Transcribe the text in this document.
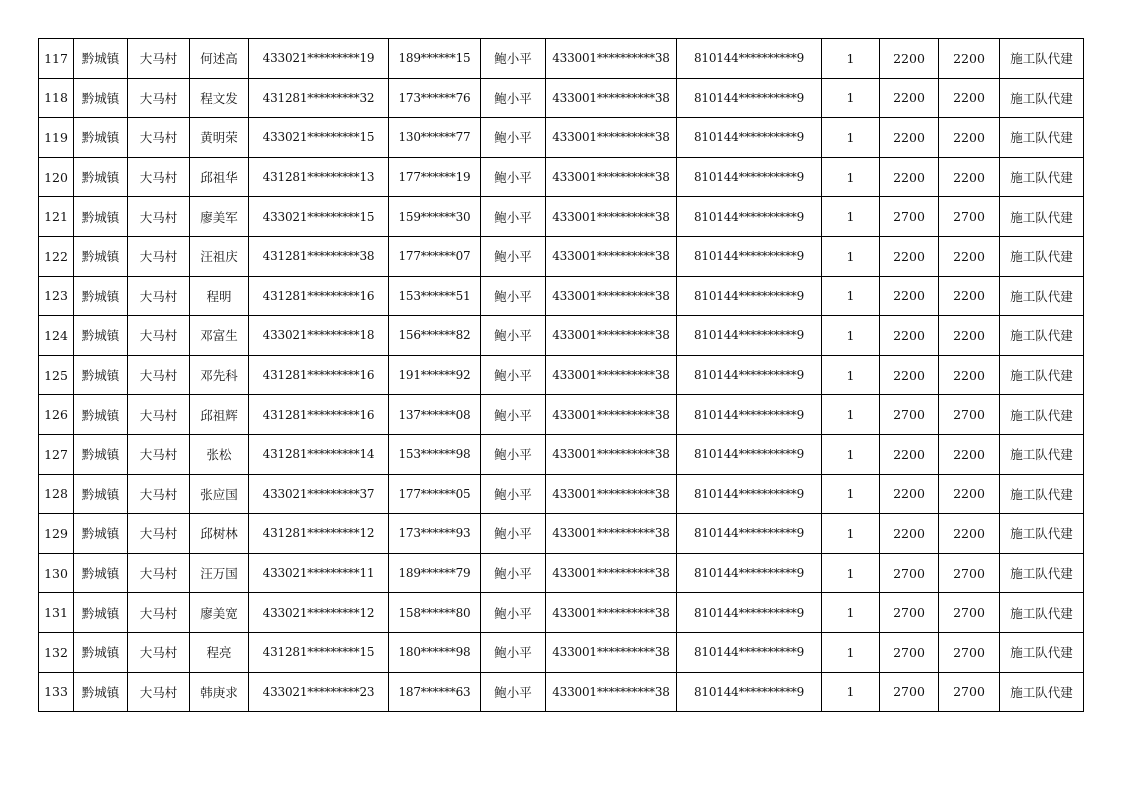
117	黔城镇	大马村	何述高	433021*********19	189******15	鲍小平	433001**********38	810144**********9	1	2200	2200	施工队代建
118	黔城镇	大马村	程文发	431281*********32	173******76	鲍小平	433001**********38	810144**********9	1	2200	2200	施工队代建
119	黔城镇	大马村	黄明荣	433021*********15	130******77	鲍小平	433001**********38	810144**********9	1	2200	2200	施工队代建
120	黔城镇	大马村	邱祖华	431281*********13	177******19	鲍小平	433001**********38	810144**********9	1	2200	2200	施工队代建
121	黔城镇	大马村	廖美军	433021*********15	159******30	鲍小平	433001**********38	810144**********9	1	2700	2700	施工队代建
122	黔城镇	大马村	汪祖庆	431281*********38	177******07	鲍小平	433001**********38	810144**********9	1	2200	2200	施工队代建
123	黔城镇	大马村	程明	431281*********16	153******51	鲍小平	433001**********38	810144**********9	1	2200	2200	施工队代建
124	黔城镇	大马村	邓富生	433021*********18	156******82	鲍小平	433001**********38	810144**********9	1	2200	2200	施工队代建
125	黔城镇	大马村	邓先科	431281*********16	191******92	鲍小平	433001**********38	810144**********9	1	2200	2200	施工队代建
126	黔城镇	大马村	邱祖辉	431281*********16	137******08	鲍小平	433001**********38	810144**********9	1	2700	2700	施工队代建
127	黔城镇	大马村	张松	431281*********14	153******98	鲍小平	433001**********38	810144**********9	1	2200	2200	施工队代建
128	黔城镇	大马村	张应国	433021*********37	177******05	鲍小平	433001**********38	810144**********9	1	2200	2200	施工队代建
129	黔城镇	大马村	邱树林	431281*********12	173******93	鲍小平	433001**********38	810144**********9	1	2200	2200	施工队代建
130	黔城镇	大马村	汪万国	433021*********11	189******79	鲍小平	433001**********38	810144**********9	1	2700	2700	施工队代建
131	黔城镇	大马村	廖美宽	433021*********12	158******80	鲍小平	433001**********38	810144**********9	1	2700	2700	施工队代建
132	黔城镇	大马村	程亮	431281*********15	180******98	鲍小平	433001**********38	810144**********9	1	2700	2700	施工队代建
133	黔城镇	大马村	韩庚求	433021*********23	187******63	鲍小平	433001**********38	810144**********9	1	2700	2700	施工队代建
